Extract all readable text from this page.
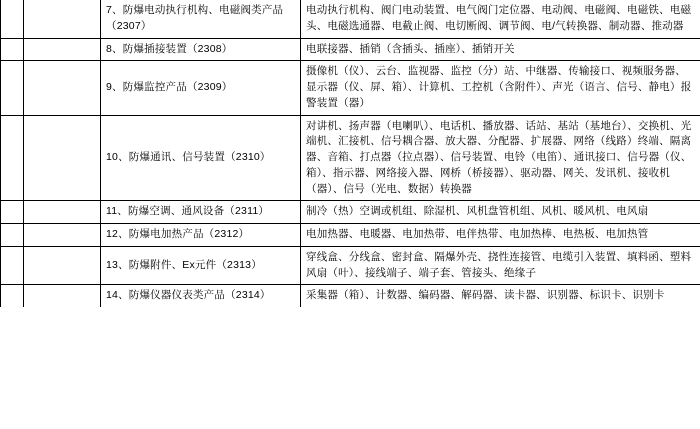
		7、防爆电动执行机构、电磁阀类产品（2307）	电动执行机构、阀门电动装置、电气阀门定位器、电动阀、电磁阀、电磁铁、电磁头、电磁选通器、电截止阀、电切断阀、调节阀、电/气转换器、制动器、推动器
		8、防爆插接装置（2308）	电联接器、插销（含插头、插座）、插销开关
		9、防爆监控产品（2309）	摄像机（仪）、云台、监视器、监控（分）站、中继器、传输接口、视频服务器、显示器（仪、屏、箱）、计算机、工控机（含附件）、声光（语言、信号、静电）报警装置（器）
		10、防爆通讯、信号装置（2310）	对讲机、扬声器（电喇叭）、电话机、播放器、话站、基站（基地台）、交换机、光端机、汇接机、信号耦合器、放大器、分配器、扩展器、网络（线路）终端、隔离器、音箱、打点器（拉点器）、信号装置、电铃（电笛）、通讯接口、信号器（仪、箱）、指示器、网络接入器、网桥（桥接器）、驱动器、网关、发讯机、接收机（器）、信号（光电、数据）转换器
		11、防爆空调、通风设备（2311）	制冷（热）空调或机组、除湿机、风机盘管机组、风机、暖风机、电风扇
		12、防爆电加热产品（2312）	电加热器、电暖器、电加热带、电伴热带、电加热棒、电热板、电加热管
		13、防爆附件、Ex元件（2313）	穿线盒、分线盒、密封盒、隔爆外壳、挠性连接管、电缆引入装置、填料函、塑料风扇（叶）、接线端子、端子套、管接头、绝缘子
		14、防爆仪器仪表类产品（2314）	采集器（箱）、计数器、编码器、解码器、读卡器、识别器、标识卡、识别卡
